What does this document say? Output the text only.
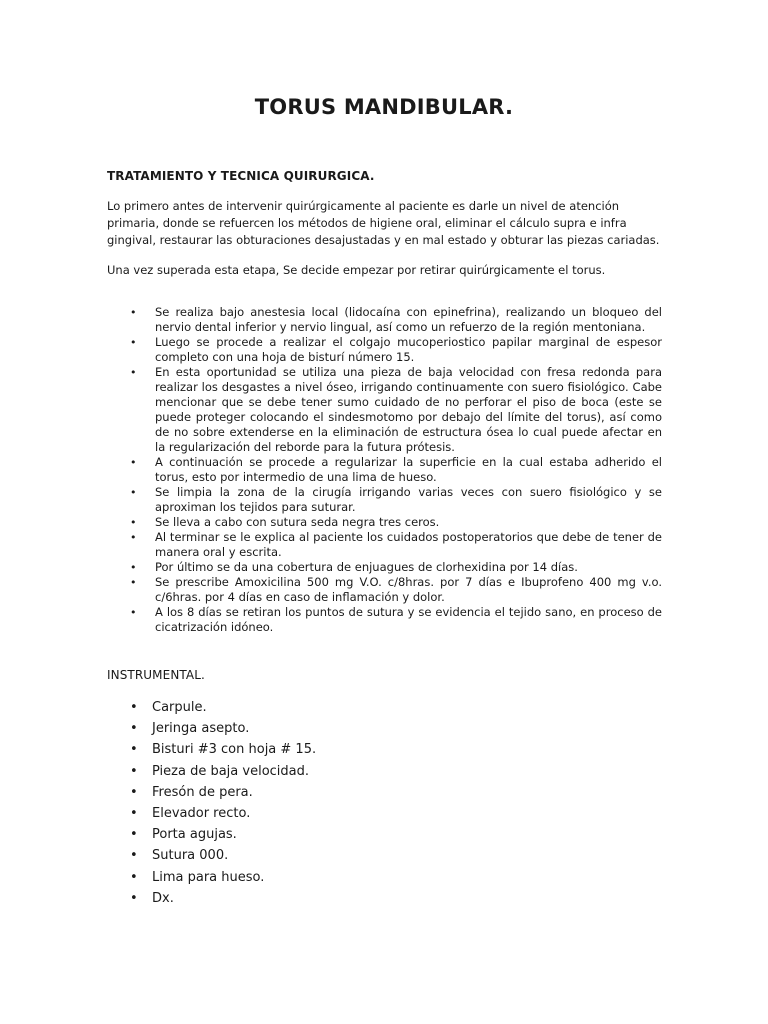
TORUS MANDIBULAR.
TRATAMIENTO Y TECNICA QUIRURGICA.
Lo primero antes de intervenir quirúrgicamente al paciente es darle un nivel de atención primaria, donde se refuercen los métodos de higiene oral, eliminar el cálculo supra e infra gingival, restaurar las obturaciones desajustadas y en mal estado y obturar las piezas cariadas.
Una vez superada esta etapa, Se decide empezar por retirar quirúrgicamente el torus.
• Se realiza bajo anestesia local (lidocaína con epinefrina), realizando un bloqueo del nervio dental inferior y nervio lingual, así como un refuerzo de la región mentoniana.
• Luego se procede a realizar el colgajo mucoperiostico papilar marginal de espesor completo con una hoja de bisturí número 15.
• En esta oportunidad se utiliza una pieza de baja velocidad con fresa redonda para realizar los desgastes a nivel óseo, irrigando continuamente con suero fisiológico. Cabe mencionar que se debe tener sumo cuidado de no perforar el piso de boca (este se puede proteger colocando el sindesmotomo por debajo del límite del torus), así como de no sobre extenderse en la eliminación de estructura ósea lo cual puede afectar en la regularización del reborde para la futura prótesis.
• A continuación se procede a regularizar la superficie en la cual estaba adherido el torus, esto por intermedio de una lima de hueso.
• Se limpia la zona de la cirugía irrigando varias veces con suero fisiológico y se aproximan los tejidos para suturar.
• Se lleva a cabo con sutura seda negra tres ceros.
• Al terminar se le explica al paciente los cuidados postoperatorios que debe de tener de manera oral y escrita.
• Por último se da una cobertura de enjuagues de clorhexidina por 14 días.
• Se prescribe Amoxicilina 500 mg V.O. c/8hras. por 7 días e Ibuprofeno 400 mg v.o. c/6hras. por 4 días en caso de inflamación y dolor.
• A los 8 días se retiran los puntos de sutura y se evidencia el tejido sano, en proceso de cicatrización idóneo.
INSTRUMENTAL.
• Carpule.
• Jeringa asepto.
• Bisturi #3 con hoja # 15.
• Pieza de baja velocidad.
• Fresón de pera.
• Elevador recto.
• Porta agujas.
• Sutura 000.
• Lima para hueso.
• Dx.
